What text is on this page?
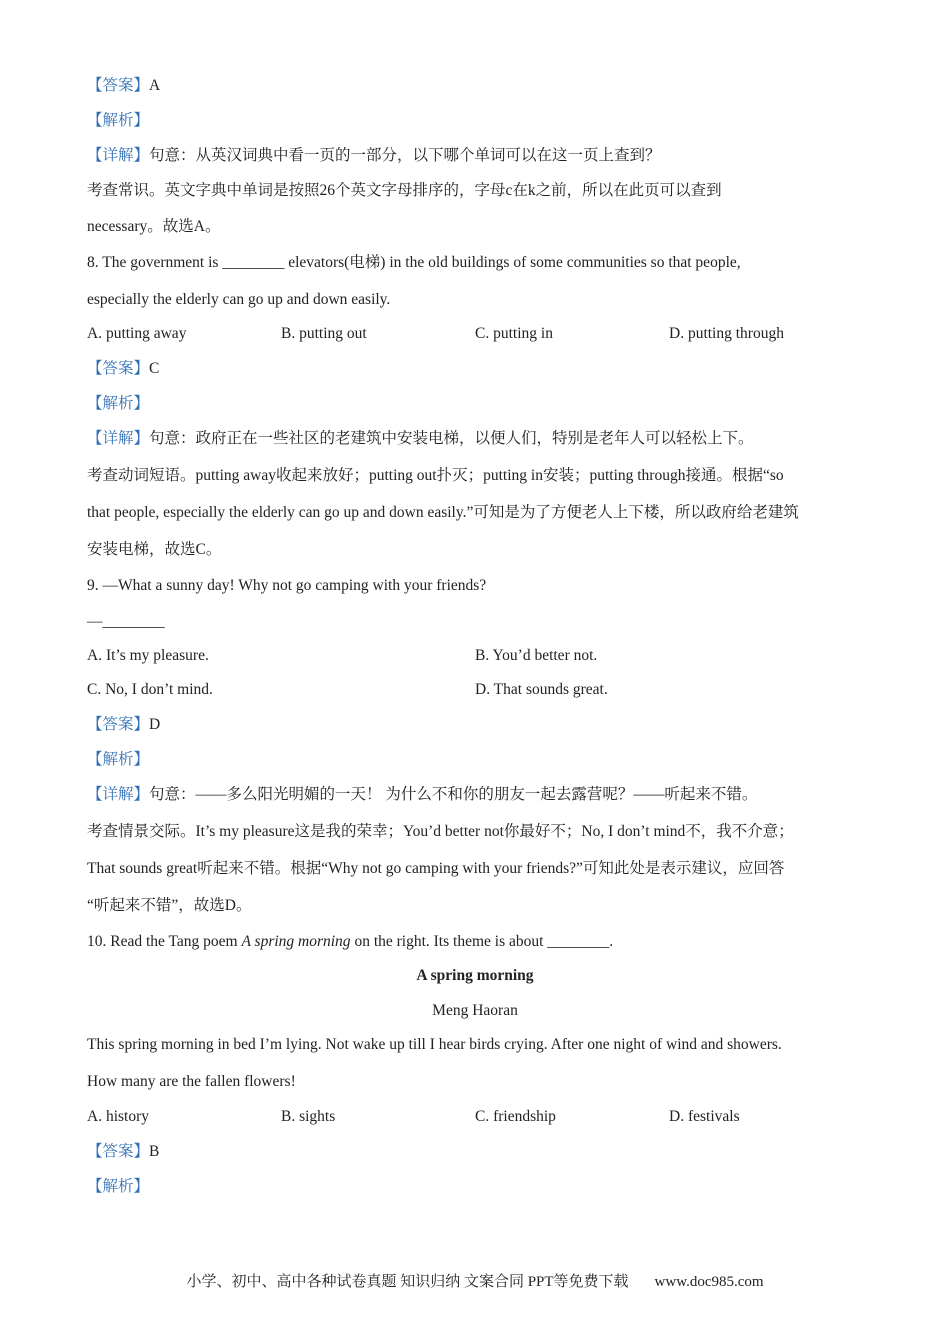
【答案】A
【解析】
【详解】句意：从英汉词典中看一页的一部分，以下哪个单词可以在这一页上查到？
考查常识。英文字典中单词是按照26个英文字母排序的，字母c在k之前，所以在此页可以查到
necessary。故选A。
8. The government is ________ elevators(电梯) in the old buildings of some communities so that people,
especially the elderly can go up and down easily.
A. putting away	B. putting out	C. putting in	D. putting through
【答案】C
【解析】
【详解】句意：政府正在一些社区的老建筑中安装电梯，以便人们，特别是老年人可以轻松上下。
考查动词短语。putting away收起来放好；putting out扑灭；putting in安装；putting through接通。根据“so
that people, especially the elderly can go up and down easily.”可知是为了方便老人上下楼，所以政府给老建筑
安装电梯，故选C。
9. —What a sunny day! Why not go camping with your friends?
—________
A. It’s my pleasure.	B. You’d better not.
C. No, I don’t mind.	D. That sounds great.
【答案】D
【解析】
【详解】句意：——多么阳光明媚的一天！ 为什么不和你的朋友一起去露营呢？——听起来不错。
考查情景交际。It’s my pleasure这是我的荣幸；You’d better not你最好不；No, I don’t mind不，我不介意；
That sounds great听起来不错。根据“Why not go camping with your friends?”可知此处是表示建议，应回答
“听起来不错”，故选D。
10. Read the Tang poem A spring morning on the right. Its theme is about ________.
A spring morning
Meng Haoran
This spring morning in bed I’m lying. Not wake up till I hear birds crying. After one night of wind and showers.
How many are the fallen flowers!
A. history	B. sights	C. friendship	D. festivals
【答案】B
【解析】
小学、初中、高中各种试卷真题 知识归纳 文案合同 PPT等免费下载 www.doc985.com
